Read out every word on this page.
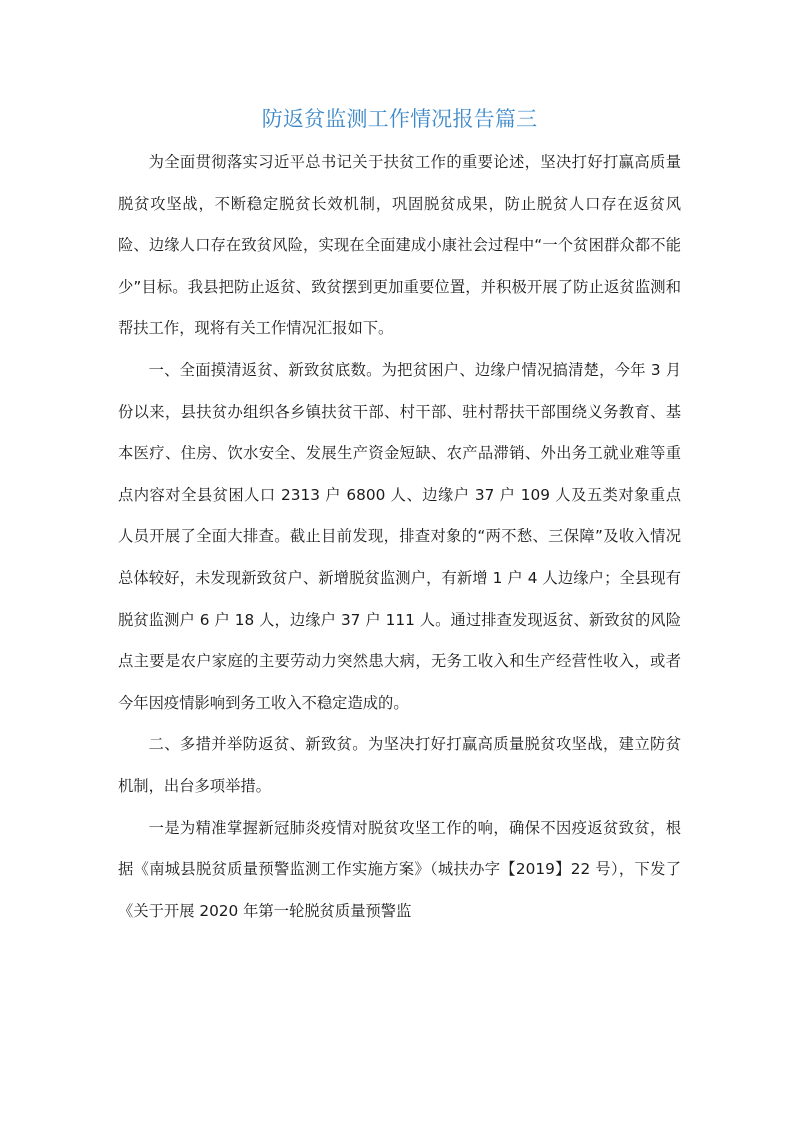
防返贫监测工作情况报告篇三

为全面贯彻落实习近平总书记关于扶贫工作的重要论述，坚决打好打赢高质量脱贫攻坚战，不断稳定脱贫长效机制，巩固脱贫成果，防止脱贫人口存在返贫风险、边缘人口存在致贫风险，实现在全面建成小康社会过程中“一个贫困群众都不能少”目标。我县把防止返贫、致贫摆到更加重要位置，并积极开展了防止返贫监测和帮扶工作，现将有关工作情况汇报如下。

一、全面摸清返贫、新致贫底数。为把贫困户、边缘户情况搞清楚，今年 3 月份以来，县扶贫办组织各乡镇扶贫干部、村干部、驻村帮扶干部围绕义务教育、基本医疗、住房、饮水安全、发展生产资金短缺、农产品滞销、外出务工就业难等重点内容对全县贫困人口 2313 户 6800 人、边缘户 37 户 109 人及五类对象重点人员开展了全面大排查。截止目前发现，排查对象的“两不愁、三保障”及收入情况总体较好，未发现新致贫户、新增脱贫监测户，有新增 1 户 4 人边缘户；全县现有脱贫监测户 6 户 18 人，边缘户 37 户 111 人。通过排查发现返贫、新致贫的风险点主要是农户家庭的主要劳动力突然患大病，无务工收入和生产经营性收入，或者今年因疫情影响到务工收入不稳定造成的。

二、多措并举防返贫、新致贫。为坚决打好打赢高质量脱贫攻坚战，建立防贫机制，出台多项举措。

一是为精准掌握新冠肺炎疫情对脱贫攻坚工作的响，确保不因疫返贫致贫，根据《南城县脱贫质量预警监测工作实施方案》（城扶办字【2019】22 号），下发了《关于开展 2020 年第一轮脱贫质量预警监
